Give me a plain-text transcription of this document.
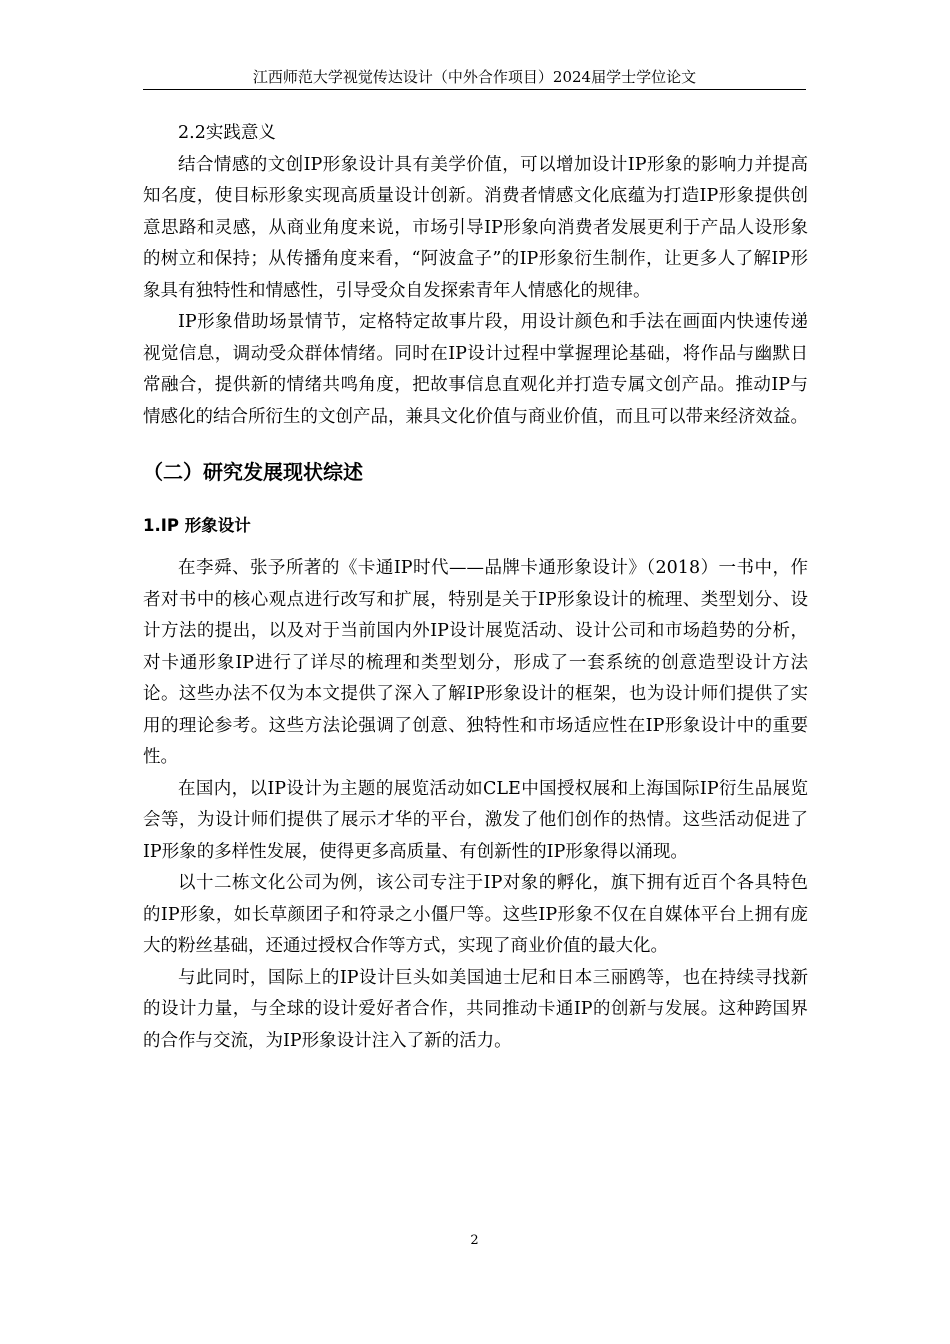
江西师范大学视觉传达设计（中外合作项目）2024届学士学位论文

2.2实践意义

结合情感的文创IP形象设计具有美学价值，可以增加设计IP形象的影响力并提高知名度，使目标形象实现高质量设计创新。消费者情感文化底蕴为打造IP形象提供创意思路和灵感，从商业角度来说，市场引导IP形象向消费者发展更利于产品人设形象的树立和保持；从传播角度来看，“阿波盒子”的IP形象衍生制作，让更多人了解IP形象具有独特性和情感性，引导受众自发探索青年人情感化的规律。

IP形象借助场景情节，定格特定故事片段，用设计颜色和手法在画面内快速传递视觉信息，调动受众群体情绪。同时在IP设计过程中掌握理论基础，将作品与幽默日常融合，提供新的情绪共鸣角度，把故事信息直观化并打造专属文创产品。推动IP与情感化的结合所衍生的文创产品，兼具文化价值与商业价值，而且可以带来经济效益。

（二）研究发展现状综述
1.IP 形象设计

在李舜、张予所著的《卡通IP时代——品牌卡通形象设计》（2018）一书中，作者对书中的核心观点进行改写和扩展，特别是关于IP形象设计的梳理、类型划分、设计方法的提出，以及对于当前国内外IP设计展览活动、设计公司和市场趋势的分析，对卡通形象IP进行了详尽的梳理和类型划分，形成了一套系统的创意造型设计方法论。这些办法不仅为本文提供了深入了解IP形象设计的框架，也为设计师们提供了实用的理论参考。这些方法论强调了创意、独特性和市场适应性在IP形象设计中的重要性。

在国内，以IP设计为主题的展览活动如CLE中国授权展和上海国际IP衍生品展览会等，为设计师们提供了展示才华的平台，激发了他们创作的热情。这些活动促进了IP形象的多样性发展，使得更多高质量、有创新性的IP形象得以涌现。

以十二栋文化公司为例，该公司专注于IP对象的孵化，旗下拥有近百个各具特色的IP形象，如长草颜团子和符录之小僵尸等。这些IP形象不仅在自媒体平台上拥有庞大的粉丝基础，还通过授权合作等方式，实现了商业价值的最大化。

与此同时，国际上的IP设计巨头如美国迪士尼和日本三丽鸥等，也在持续寻找新的设计力量，与全球的设计爱好者合作，共同推动卡通IP的创新与发展。这种跨国界的合作与交流，为IP形象设计注入了新的活力。

2
